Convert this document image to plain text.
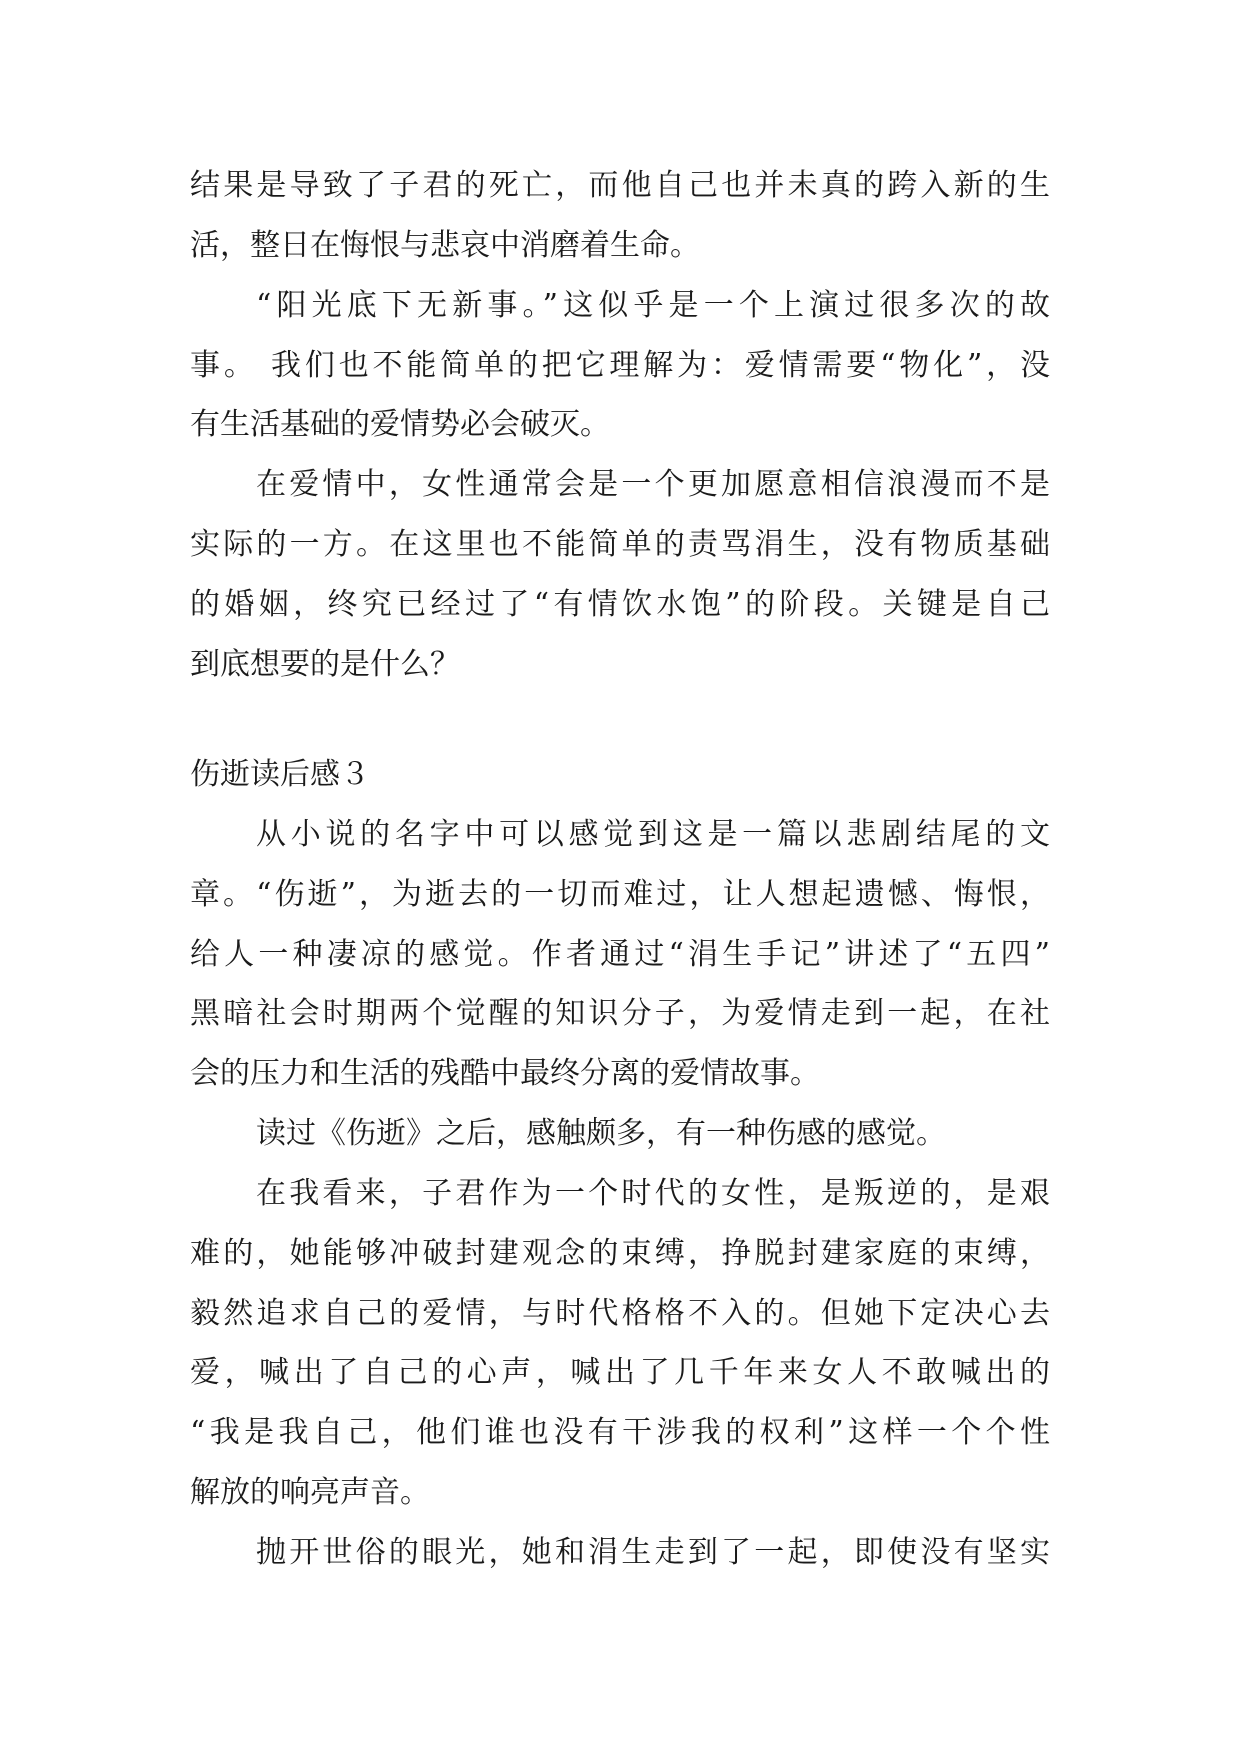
结果是导致了子君的死亡，而他自己也并未真的跨入新的生
活，整日在悔恨与悲哀中消磨着生命。
“阳光底下无新事。”这似乎是一个上演过很多次的故
事。 我们也不能简单的把它理解为：爱情需要“物化”，没
有生活基础的爱情势必会破灭。
在爱情中，女性通常会是一个更加愿意相信浪漫而不是
实际的一方。在这里也不能简单的责骂涓生，没有物质基础
的婚姻，终究已经过了“有情饮水饱”的阶段。关键是自己
到底想要的是什么？
伤逝读后感３
从小说的名字中可以感觉到这是一篇以悲剧结尾的文
章。“伤逝”，为逝去的一切而难过，让人想起遗憾、悔恨，
给人一种凄凉的感觉。作者通过“涓生手记”讲述了“五四”
黑暗社会时期两个觉醒的知识分子，为爱情走到一起，在社
会的压力和生活的残酷中最终分离的爱情故事。
读过《伤逝》之后，感触颇多，有一种伤感的感觉。
在我看来，子君作为一个时代的女性，是叛逆的，是艰
难的，她能够冲破封建观念的束缚，挣脱封建家庭的束缚，
毅然追求自己的爱情，与时代格格不入的。但她下定决心去
爱，喊出了自己的心声，喊出了几千年来女人不敢喊出的
“我是我自己，他们谁也没有干涉我的权利”这样一个个性
解放的响亮声音。
抛开世俗的眼光，她和涓生走到了一起，即使没有坚实
